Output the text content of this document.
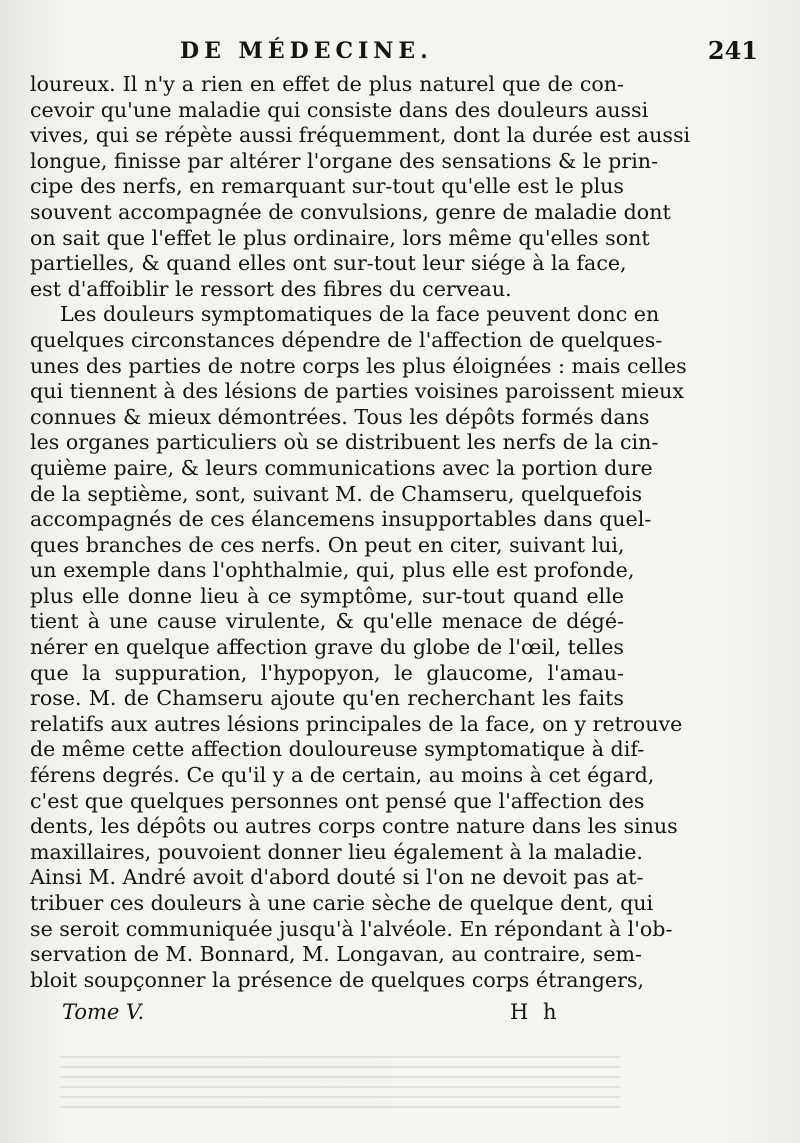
DE MÉDECINE.	241
loureux. Il n'y a rien en effet de plus naturel que de con-
cevoir qu'une maladie qui consiste dans des douleurs aussi
vives, qui se répète aussi fréquemment, dont la durée est aussi
longue, finisse par altérer l'organe des sensations & le prin-
cipe des nerfs, en remarquant sur-tout qu'elle est le plus
souvent accompagnée de convulsions, genre de maladie dont
on sait que l'effet le plus ordinaire, lors même qu'elles sont
partielles, & quand elles ont sur-tout leur siége à la face,
est d'affoiblir le ressort des fibres du cerveau.
Les douleurs symptomatiques de la face peuvent donc en
quelques circonstances dépendre de l'affection de quelques-
unes des parties de notre corps les plus éloignées : mais celles
qui tiennent à des lésions de parties voisines paroissent mieux
connues & mieux démontrées. Tous les dépôts formés dans
les organes particuliers où se distribuent les nerfs de la cin-
quième paire, & leurs communications avec la portion dure
de la septième, sont, suivant M. de Chamseru, quelquefois
accompagnés de ces élancemens insupportables dans quel-
ques branches de ces nerfs. On peut en citer, suivant lui,
un exemple dans l'ophthalmie, qui, plus elle est profonde,
plus elle donne lieu à ce symptôme, sur-tout quand elle
tient à une cause virulente, & qu'elle menace de dégé-
nérer en quelque affection grave du globe de l'œil, telles
que la suppuration, l'hypopyon, le glaucome, l'amau-
rose. M. de Chamseru ajoute qu'en recherchant les faits
relatifs aux autres lésions principales de la face, on y retrouve
de même cette affection douloureuse symptomatique à dif-
férens degrés. Ce qu'il y a de certain, au moins à cet égard,
c'est que quelques personnes ont pensé que l'affection des
dents, les dépôts ou autres corps contre nature dans les sinus
maxillaires, pouvoient donner lieu également à la maladie.
Ainsi M. André avoit d'abord douté si l'on ne devoit pas at-
tribuer ces douleurs à une carie sèche de quelque dent, qui
se seroit communiquée jusqu'à l'alvéole. En répondant à l'ob-
servation de M. Bonnard, M. Longavan, au contraire, sem-
bloit soupçonner la présence de quelques corps étrangers,
Tome V.	H h
